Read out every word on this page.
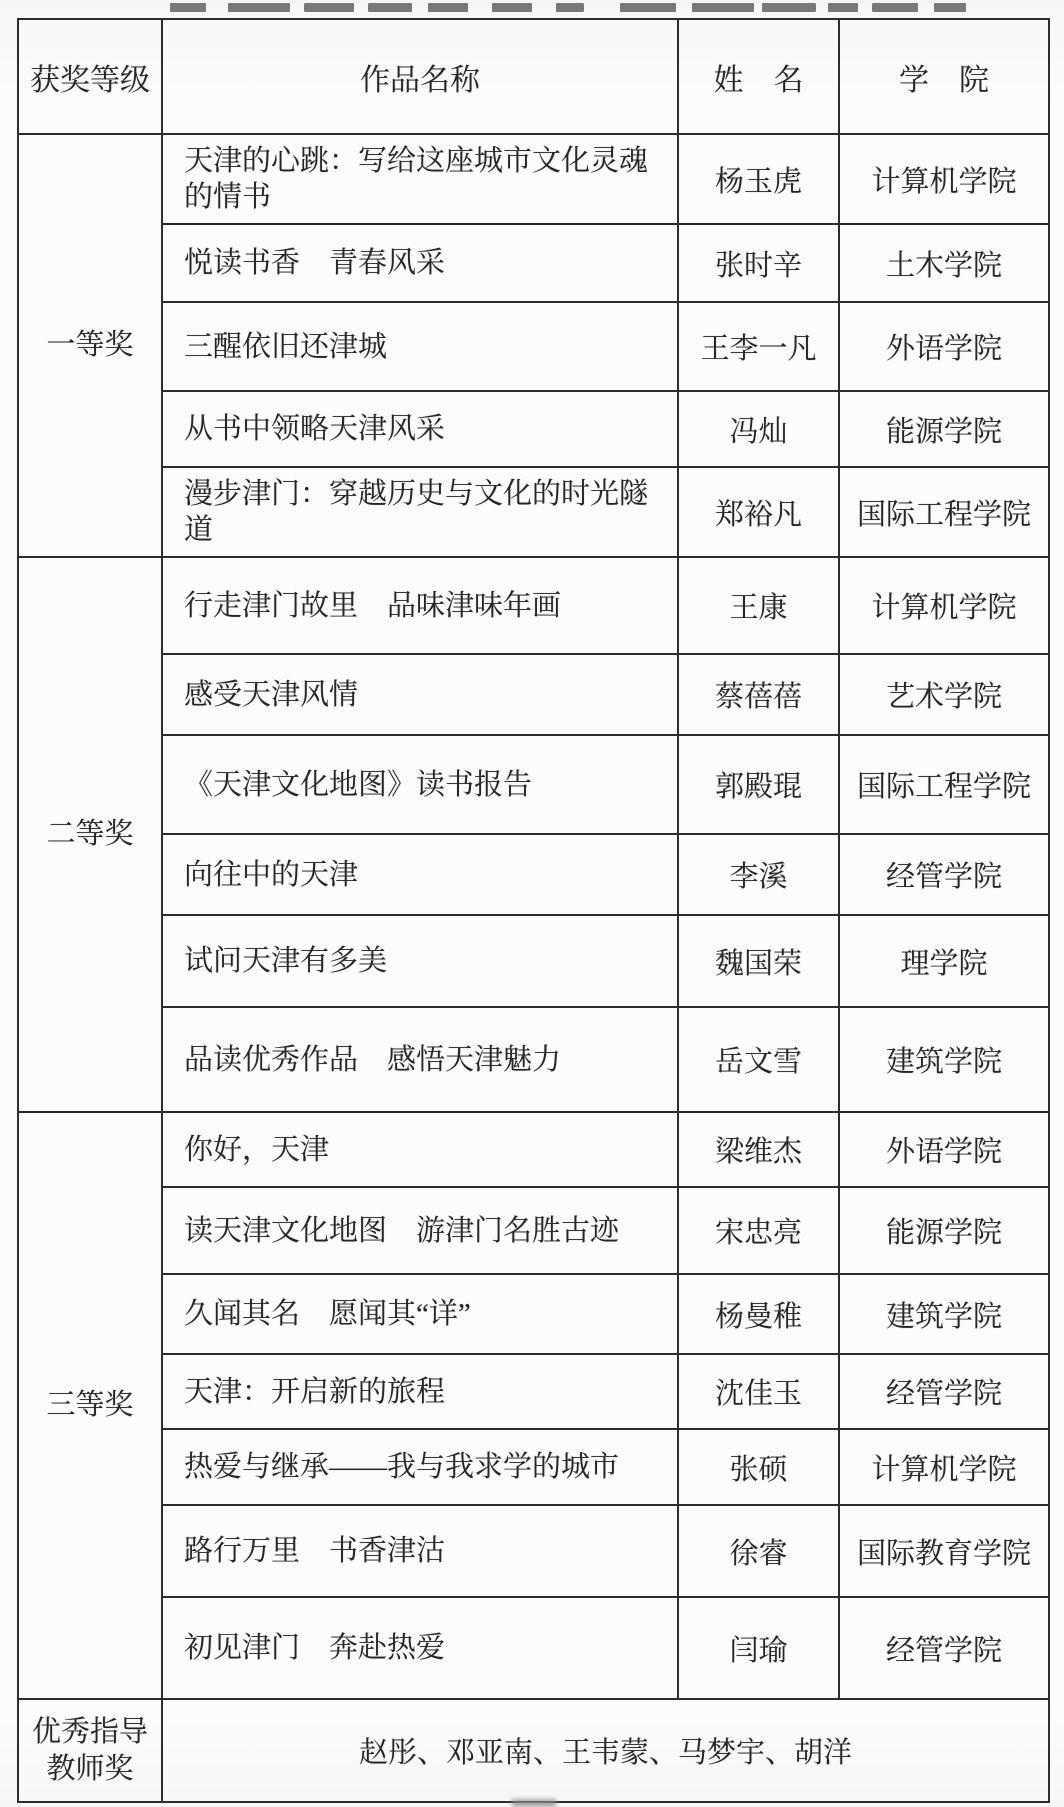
获奖等级	作品名称	姓　名	学　院
一等奖	天津的心跳：写给这座城市文化灵魂的情书	杨玉虎	计算机学院
	悦读书香　青春风采	张时辛	土木学院
	三醒依旧还津城	王李一凡	外语学院
	从书中领略天津风采	冯灿	能源学院
	漫步津门：穿越历史与文化的时光隧道	郑裕凡	国际工程学院
二等奖	行走津门故里　品味津味年画	王康	计算机学院
	感受天津风情	蔡蓓蓓	艺术学院
	《天津文化地图》读书报告	郭殿琨	国际工程学院
	向往中的天津	李溪	经管学院
	试问天津有多美	魏国荣	理学院
	品读优秀作品　感悟天津魅力	岳文雪	建筑学院
三等奖	你好，天津	梁维杰	外语学院
	读天津文化地图　游津门名胜古迹	宋忠亮	能源学院
	久闻其名　愿闻其“详”	杨曼稚	建筑学院
	天津：开启新的旅程	沈佳玉	经管学院
	热爱与继承——我与我求学的城市	张硕	计算机学院
	路行万里　书香津沽	徐睿	国际教育学院
	初见津门　奔赴热爱	闫瑜	经管学院

优秀指导
教师奖	赵彤、邓亚南、王韦蒙、马梦宇、胡洋		
